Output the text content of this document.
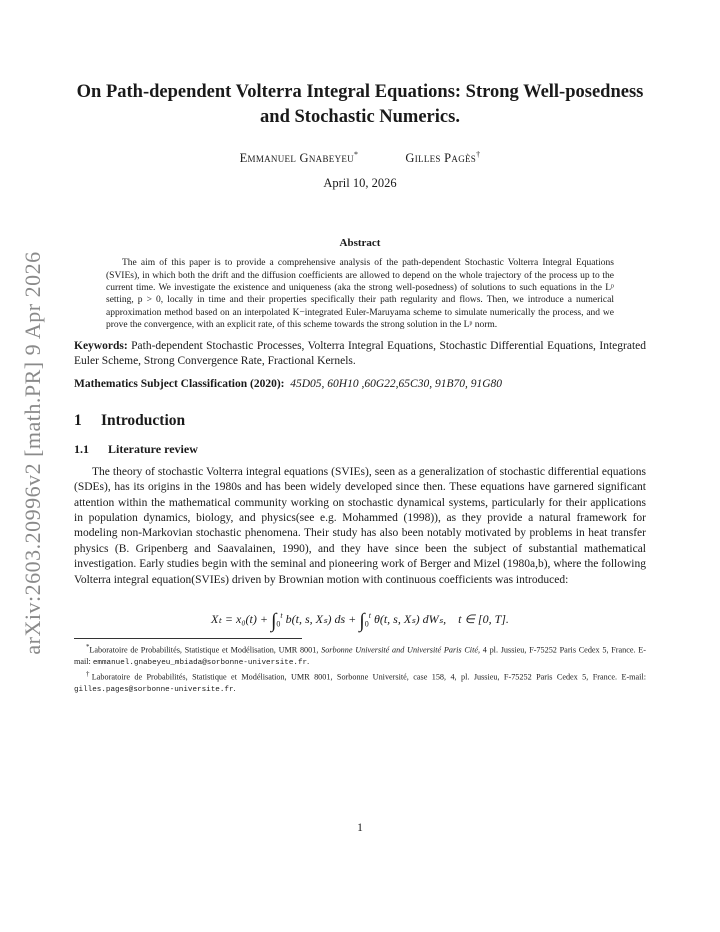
arXiv:2603.20996v2 [math.PR] 9 Apr 2026
On Path-dependent Volterra Integral Equations: Strong Well-posedness and Stochastic Numerics.
Emmanuel Gnabeyeu*	Gilles Pagès†
April 10, 2026
Abstract
The aim of this paper is to provide a comprehensive analysis of the path-dependent Stochastic Volterra Integral Equations (SVIEs), in which both the drift and the diffusion coefficients are allowed to depend on the whole trajectory of the process up to the current time. We investigate the existence and uniqueness (aka the strong well-posedness) of solutions to such equations in the Lᵖ setting, p > 0, locally in time and their properties specifically their path regularity and flows. Then, we introduce a numerical approximation method based on an interpolated K−integrated Euler-Maruyama scheme to simulate numerically the process, and we prove the convergence, with an explicit rate, of this scheme towards the strong solution in the Lᵖ norm.
Keywords: Path-dependent Stochastic Processes, Volterra Integral Equations, Stochastic Differential Equations, Integrated Euler Scheme, Strong Convergence Rate, Fractional Kernels.
Mathematics Subject Classification (2020): 45D05, 60H10 ,60G22,65C30, 91B70, 91G80
1 Introduction
1.1 Literature review
The theory of stochastic Volterra integral equations (SVIEs), seen as a generalization of stochastic differential equations (SDEs), has its origins in the 1980s and has been widely developed since then. These equations have garnered significant attention within the mathematical community working on stochastic dynamical systems, particularly for their applications in population dynamics, biology, and physics(see e.g. Mohammed (1998)), as they provide a natural framework for modeling non-Markovian stochastic phenomena. Their study has also been notably motivated by problems in heat transfer physics (B. Gripenberg and Saavalainen, 1990), and they have since been the subject of substantial mathematical investigation. Early studies begin with the seminal and pioneering work of Berger and Mizel (1980a,b), where the following Volterra integral equation(SVIEs) driven by Brownian motion with continuous coefficients was introduced:
$X_t = x_0(t) + \int_0^t$ b(t, s, Xₛ) ds + $\int_0^t$ θ(t, s, Xₛ) dWₛ, t ∈ [0, T].
*Laboratoire de Probabilités, Statistique et Modélisation, UMR 8001, Sorbonne Université and Université Paris Cité, 4 pl. Jussieu, F-75252 Paris Cedex 5, France. E-mail: emmanuel.gnabeyeu_mbiada@sorbonne-universite.fr.
†Laboratoire de Probabilités, Statistique et Modélisation, UMR 8001, Sorbonne Université, case 158, 4, pl. Jussieu, F-75252 Paris Cedex 5, France. E-mail: gilles.pages@sorbonne-universite.fr.
1
